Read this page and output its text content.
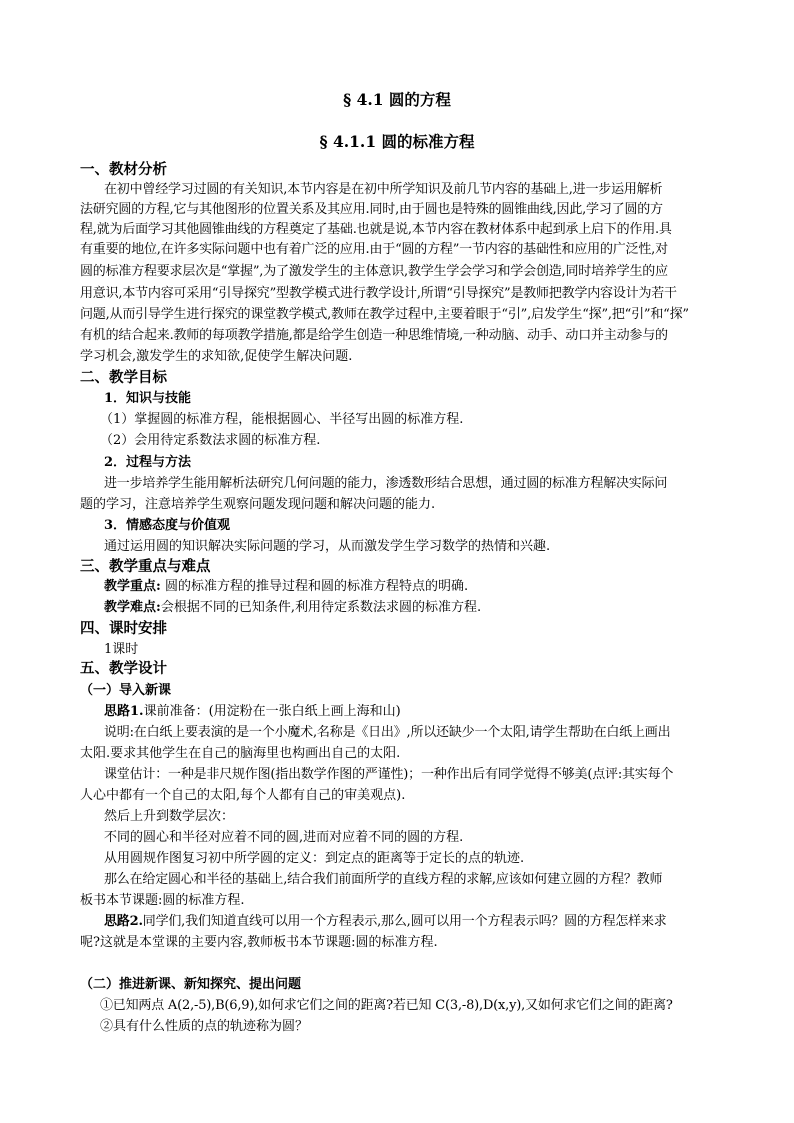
§ 4.1 圆的方程
§ 4.1.1 圆的标准方程
一、教材分析
在初中曾经学习过圆的有关知识,本节内容是在初中所学知识及前几节内容的基础上,进一步运用解析
法研究圆的方程,它与其他图形的位置关系及其应用.同时,由于圆也是特殊的圆锥曲线,因此,学习了圆的方
程,就为后面学习其他圆锥曲线的方程奠定了基础.也就是说,本节内容在教材体系中起到承上启下的作用.具
有重要的地位,在许多实际问题中也有着广泛的应用.由于“圆的方程”一节内容的基础性和应用的广泛性,对
圆的标准方程要求层次是“掌握”,为了激发学生的主体意识,教学生学会学习和学会创造,同时培养学生的应
用意识,本节内容可采用“引导探究”型教学模式进行教学设计,所谓“引导探究”是教师把教学内容设计为若干
问题,从而引导学生进行探究的课堂教学模式,教师在教学过程中,主要着眼于“引”,启发学生“探”,把“引”和“探”
有机的结合起来.教师的每项教学措施,都是给学生创造一种思维情境,一种动脑、动手、动口并主动参与的
学习机会,激发学生的求知欲,促使学生解决问题.
二、教学目标
1．知识与技能
（1）掌握圆的标准方程，能根据圆心、半径写出圆的标准方程.
（2）会用待定系数法求圆的标准方程.
2．过程与方法
进一步培养学生能用解析法研究几何问题的能力，渗透数形结合思想，通过圆的标准方程解决实际问
题的学习，注意培养学生观察问题发现问题和解决问题的能力.
3．情感态度与价值观
通过运用圆的知识解决实际问题的学习，从而激发学生学习数学的热情和兴趣.
三、教学重点与难点
教学重点: 圆的标准方程的推导过程和圆的标准方程特点的明确.
教学难点:会根据不同的已知条件,利用待定系数法求圆的标准方程.
四、课时安排
1课时
五、教学设计
（一）导入新课
思路1.课前准备：(用淀粉在一张白纸上画上海和山)
说明:在白纸上要表演的是一个小魔术,名称是《日出》,所以还缺少一个太阳,请学生帮助在白纸上画出
太阳.要求其他学生在自己的脑海里也构画出自己的太阳.
课堂估计：一种是非尺规作图(指出数学作图的严谨性)；一种作出后有同学觉得不够美(点评:其实每个
人心中都有一个自己的太阳,每个人都有自己的审美观点).
然后上升到数学层次：
不同的圆心和半径对应着不同的圆,进而对应着不同的圆的方程.
从用圆规作图复习初中所学圆的定义：到定点的距离等于定长的点的轨迹.
那么在给定圆心和半径的基础上,结合我们前面所学的直线方程的求解,应该如何建立圆的方程？教师
板书本节课题:圆的标准方程.
思路2.同学们,我们知道直线可以用一个方程表示,那么,圆可以用一个方程表示吗？圆的方程怎样来求
呢?这就是本堂课的主要内容,教师板书本节课题:圆的标准方程.
（二）推进新课、新知探究、提出问题
①已知两点 A(2,-5),B(6,9),如何求它们之间的距离?若已知 C(3,-8),D(x,y),又如何求它们之间的距离?
②具有什么性质的点的轨迹称为圆？
